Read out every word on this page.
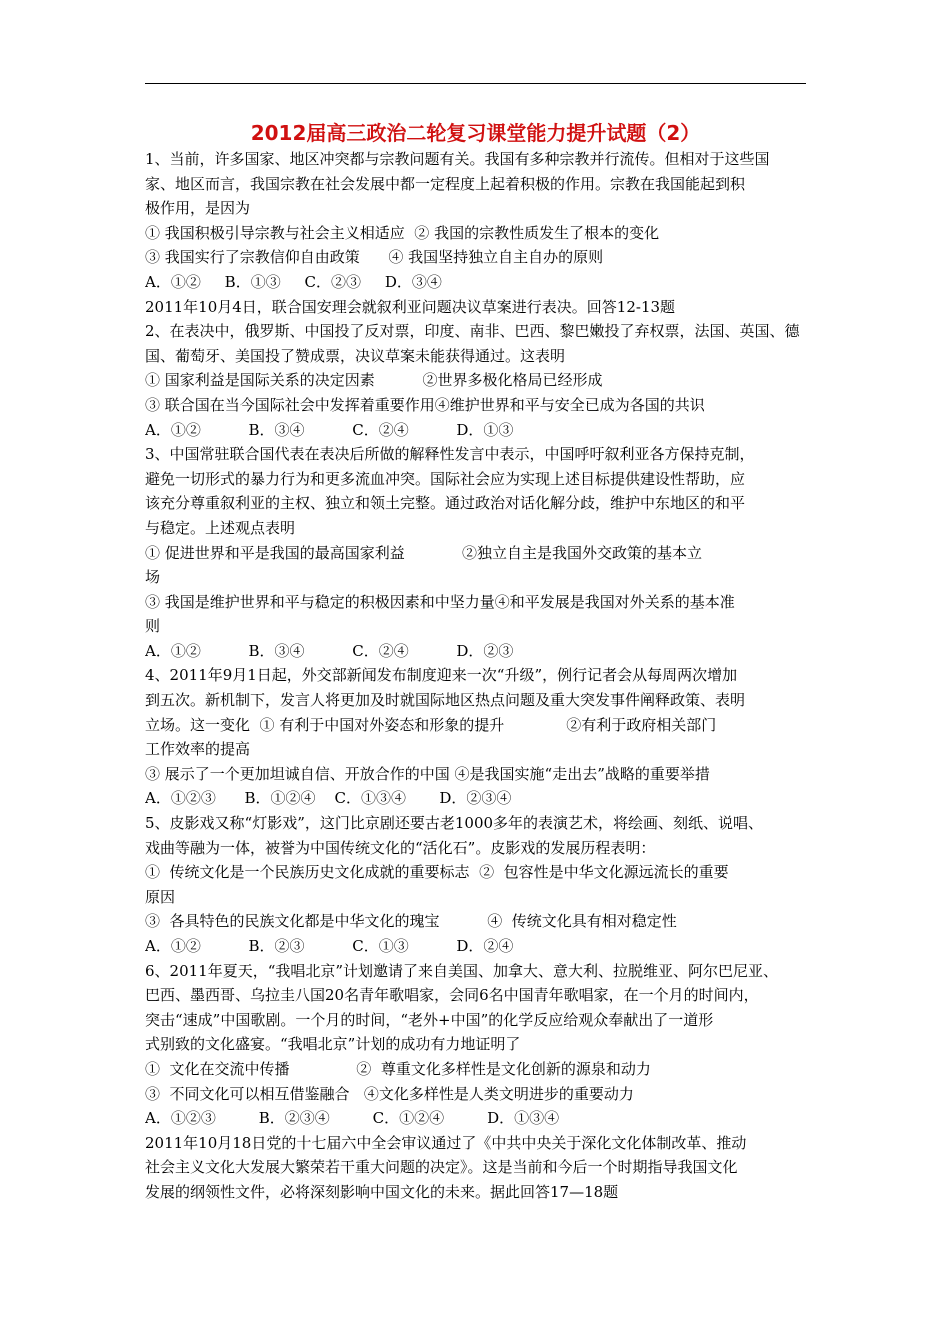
2012届高三政治二轮复习课堂能力提升试题（2）
1、当前，许多国家、地区冲突都与宗教问题有关。我国有多种宗教并行流传。但相对于这些国
家、地区而言，我国宗教在社会发展中都一定程度上起着积极的作用。宗教在我国能起到积
极作用，是因为
① 我国积极引导宗教与社会主义相适应  ② 我国的宗教性质发生了根本的变化
③ 我国实行了宗教信仰自由政策      ④ 我国坚持独立自主自办的原则
A．①②     B．①③     C．②③     D．③④
2011年10月4日，联合国安理会就叙利亚问题决议草案进行表决。回答12-13题
2、在表决中，俄罗斯、中国投了反对票，印度、南非、巴西、黎巴嫩投了弃权票，法国、英国、德
国、葡萄牙、美国投了赞成票，决议草案未能获得通过。这表明
① 国家利益是国际关系的决定因素          ②世界多极化格局已经形成
③ 联合国在当今国际社会中发挥着重要作用④维护世界和平与安全已成为各国的共识
A．①②          B．③④          C．②④          D．①③
3、中国常驻联合国代表在表决后所做的解释性发言中表示，中国呼吁叙利亚各方保持克制，
避免一切形式的暴力行为和更多流血冲突。国际社会应为实现上述目标提供建设性帮助，应
该充分尊重叙利亚的主权、独立和领土完整。通过政治对话化解分歧，维护中东地区的和平
与稳定。上述观点表明
① 促进世界和平是我国的最高国家利益            ②独立自主是我国外交政策的基本立
场
③ 我国是维护世界和平与稳定的积极因素和中坚力量④和平发展是我国对外关系的基本准
则
A．①②          B．③④          C．②④          D．②③
4、2011年9月1日起，外交部新闻发布制度迎来一次“升级”，例行记者会从每周两次增加
到五次。新机制下，发言人将更加及时就国际地区热点问题及重大突发事件阐释政策、表明
立场。这一变化  ① 有利于中国对外姿态和形象的提升             ②有利于政府相关部门
工作效率的提高
③ 展示了一个更加坦诚自信、开放合作的中国 ④是我国实施“走出去”战略的重要举措
A．①②③      B．①②④    C．①③④       D．②③④
5、皮影戏又称“灯影戏”，这门比京剧还要古老1000多年的表演艺术，将绘画、刻纸、说唱、
戏曲等融为一体，被誉为中国传统文化的“活化石”。皮影戏的发展历程表明：
①  传统文化是一个民族历史文化成就的重要标志  ②  包容性是中华文化源远流长的重要
原因
③  各具特色的民族文化都是中华文化的瑰宝          ④  传统文化具有相对稳定性
A．①②          B．②③          C．①③          D．②④
6、2011年夏天，“我唱北京”计划邀请了来自美国、加拿大、意大利、拉脱维亚、阿尔巴尼亚、
巴西、墨西哥、乌拉圭八国20名青年歌唱家，会同6名中国青年歌唱家，在一个月的时间内，
突击“速成”中国歌剧。一个月的时间，“老外+中国”的化学反应给观众奉献出了一道形
式别致的文化盛宴。“我唱北京”计划的成功有力地证明了
①  文化在交流中传播              ②  尊重文化多样性是文化创新的源泉和动力
③  不同文化可以相互借鉴融合   ④文化多样性是人类文明进步的重要动力
A．①②③         B．②③④         C．①②④         D．①③④
2011年10月18日党的十七届六中全会审议通过了《中共中央关于深化文化体制改革、推动
社会主义文化大发展大繁荣若干重大问题的决定》。这是当前和今后一个时期指导我国文化
发展的纲领性文件，必将深刻影响中国文化的未来。据此回答17—18题
